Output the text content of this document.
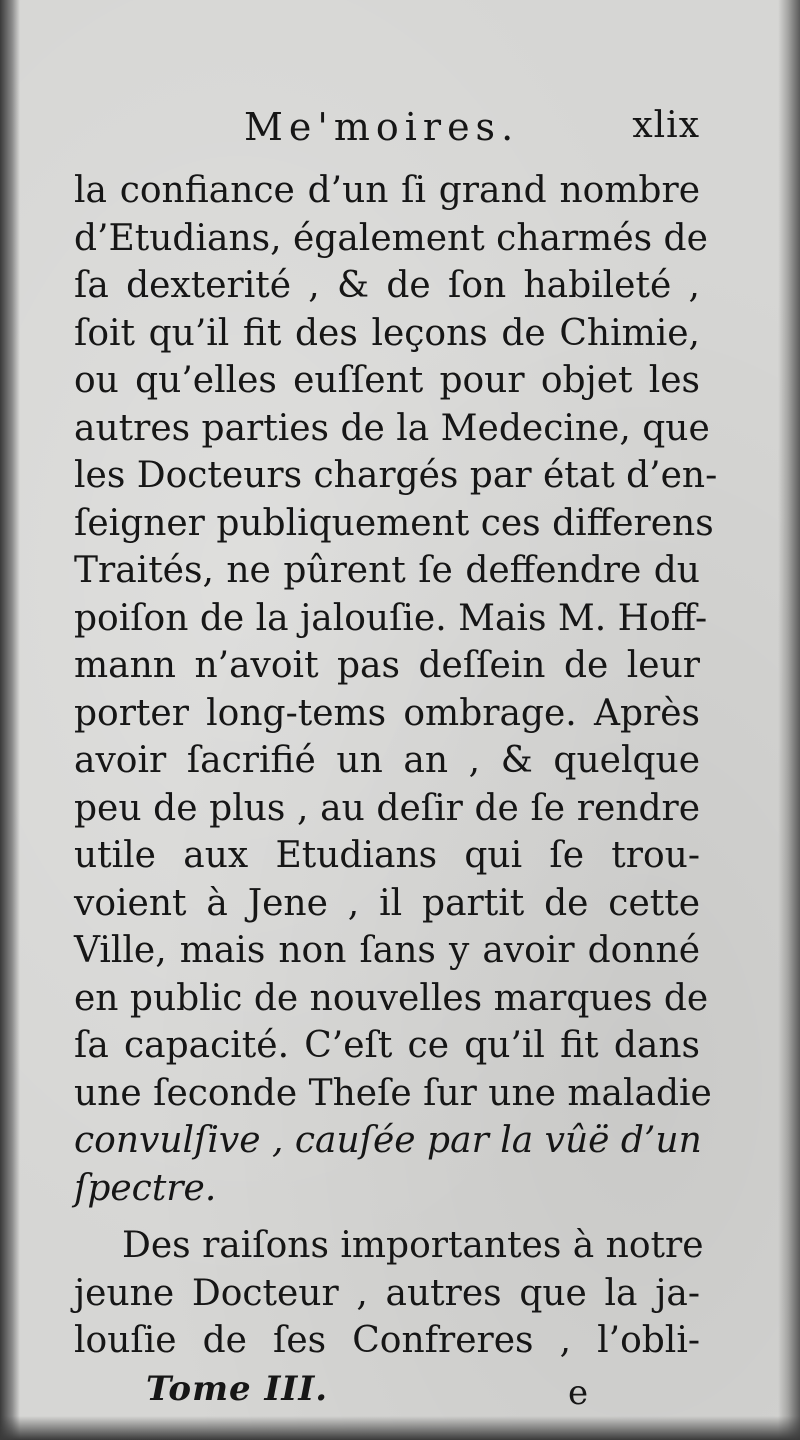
Me'moires.	xlix
la confiance d’un ſi grand nombre
d’Etudians, également charmés de
ſa dexterité , & de ſon habileté ,
ſoit qu’il fit des leçons de Chimie,
ou qu’elles euſſent pour objet les
autres parties de la Medecine, que
les Docteurs chargés par état d’en-
ſeigner publiquement ces differens
Traités, ne pûrent ſe deffendre du
poiſon de la jalouſie. Mais M. Hoff-
mann n’avoit pas deſſein de leur
porter long-tems ombrage. Après
avoir ſacrifié un an , & quelque
peu de plus , au deſir de ſe rendre
utile aux Etudians qui ſe trou-
voient à Jene , il partit de cette
Ville, mais non ſans y avoir donné
en public de nouvelles marques de
ſa capacité. C’eſt ce qu’il fit dans
une ſeconde Theſe ſur une maladie
convulſive , cauſée par la vûë d’un
ſpectre.
Des raiſons importantes à notre
jeune Docteur , autres que la ja-
louſie de ſes Confreres , l’obli-
Tome III.	e
